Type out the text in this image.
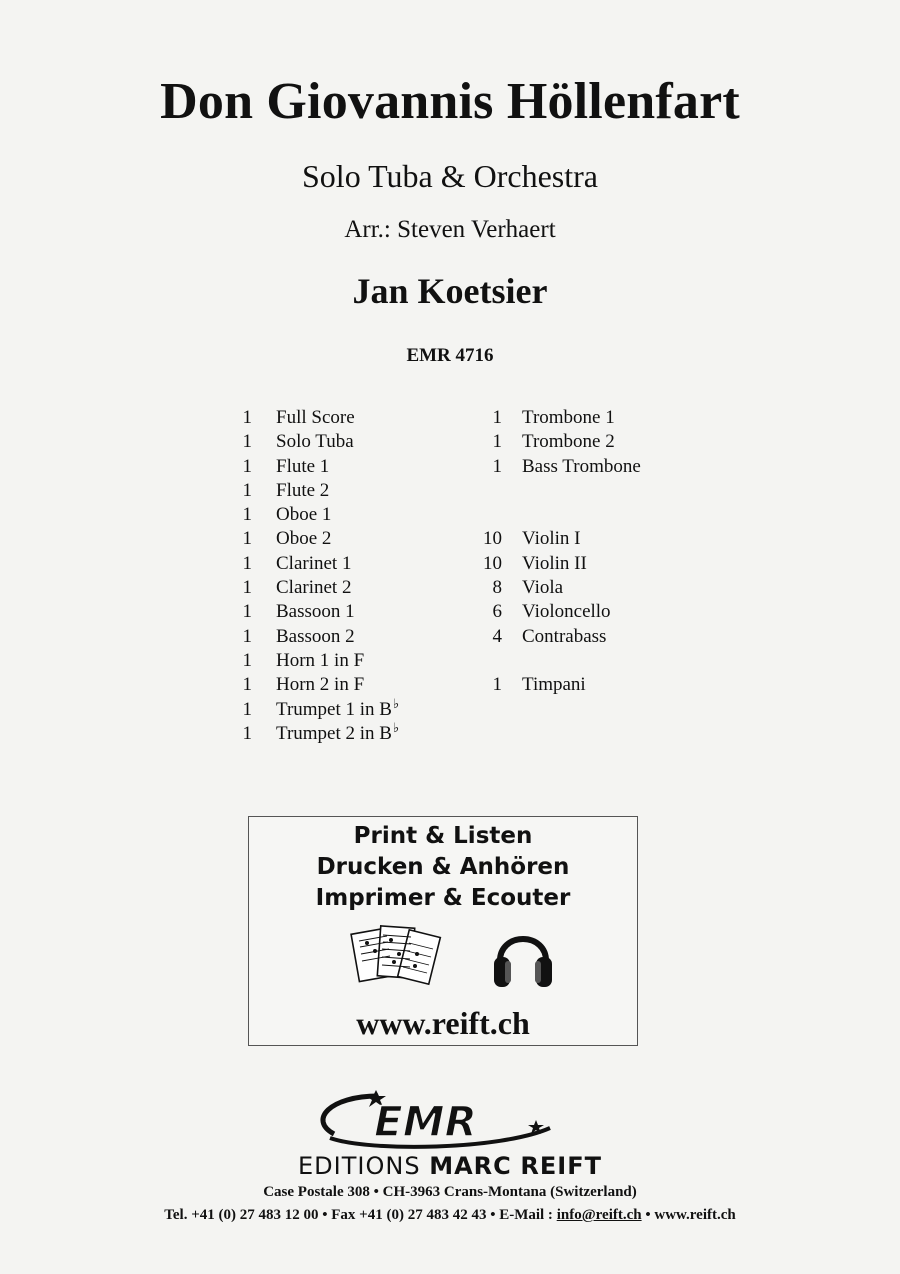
Don Giovannis Höllenfart
Solo Tuba & Orchestra
Arr.: Steven Verhaert
Jan Koetsier
EMR 4716
1 Full Score
1 Solo Tuba
1 Flute 1
1 Flute 2
1 Oboe 1
1 Oboe 2
1 Clarinet 1
1 Clarinet 2
1 Bassoon 1
1 Bassoon 2
1 Horn 1 in F
1 Horn 2 in F
1 Trumpet 1 in B♭
1 Trumpet 2 in B♭
1 Trombone 1
1 Trombone 2
1 Bass Trombone
10 Violin I
10 Violin II
8 Viola
6 Violoncello
4 Contrabass
1 Timpani
Print & Listen
Drucken & Anhören
Imprimer & Ecouter
www.reift.ch
EMR
EDITIONS MARC REIFT
Case Postale 308 • CH-3963 Crans-Montana (Switzerland)
Tel. +41 (0) 27 483 12 00 • Fax +41 (0) 27 483 42 43 • E-Mail : info@reift.ch • www.reift.ch
